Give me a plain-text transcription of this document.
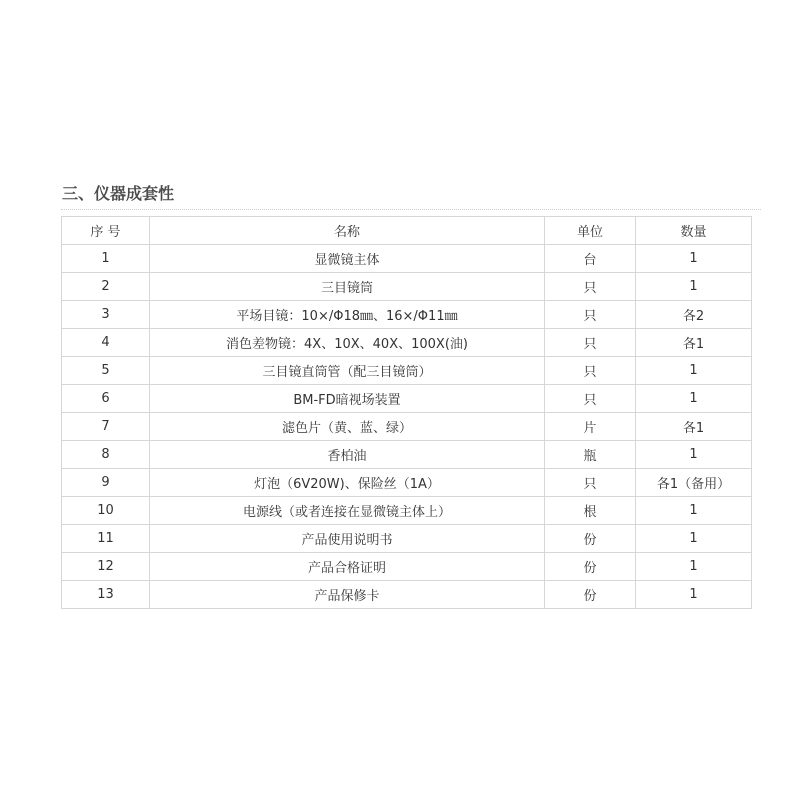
三、仪器成套性
序 号	名称	单位	数量
1	显微镜主体	台	1
2	三目镜筒	只	1
3	平场目镜：10×/Φ18㎜、16×/Φ11㎜	只	各2
4	消色差物镜：4X、10X、40X、100X(油)	只	各1
5	三目镜直筒管（配三目镜筒）	只	1
6	BM-FD暗视场装置	只	1
7	滤色片（黄、蓝、绿）	片	各1
8	香柏油	瓶	1
9	灯泡（6V20W)、保险丝（1A）	只	各1（备用）
10	电源线（或者连接在显微镜主体上）	根	1
11	产品使用说明书	份	1
12	产品合格证明	份	1
13	产品保修卡	份	1
